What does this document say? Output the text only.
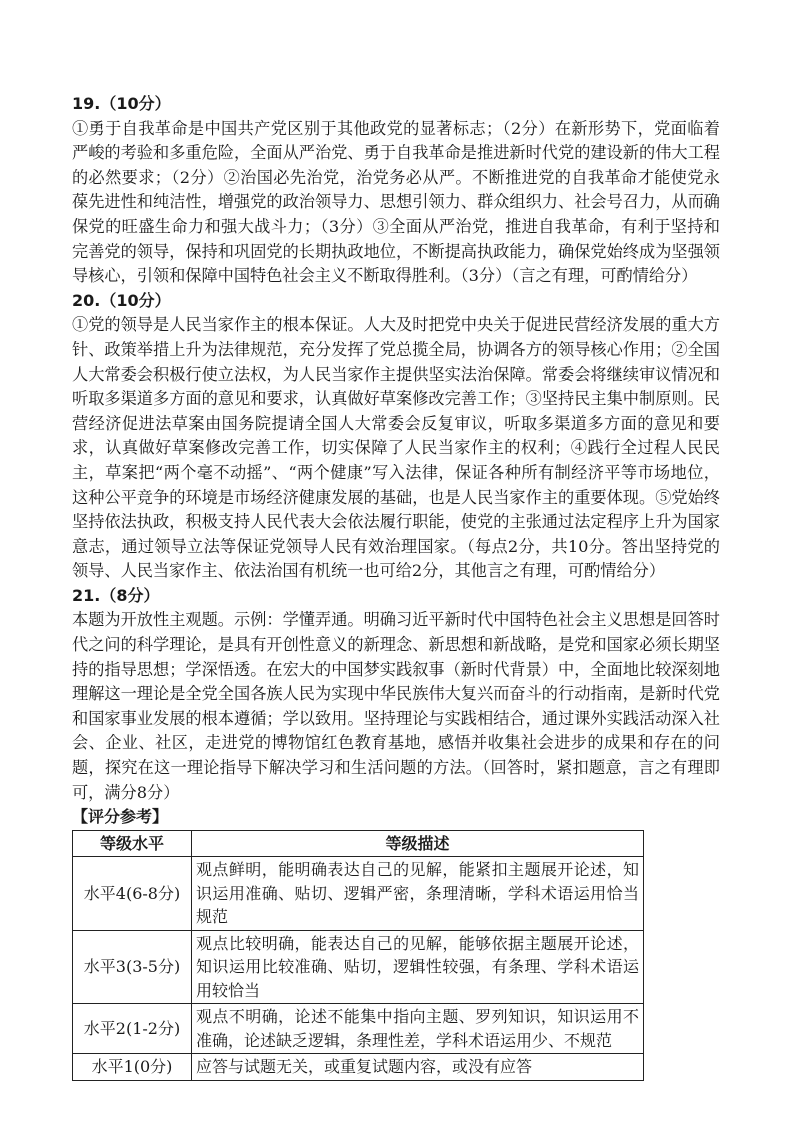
19.（10分）
①勇于自我革命是中国共产党区别于其他政党的显著标志；（2分）在新形势下，党面临着严峻的考验和多重危险，全面从严治党、勇于自我革命是推进新时代党的建设新的伟大工程的必然要求；（2分）②治国必先治党，治党务必从严。不断推进党的自我革命才能使党永葆先进性和纯洁性，增强党的政治领导力、思想引领力、群众组织力、社会号召力，从而确保党的旺盛生命力和强大战斗力；（3分）③全面从严治党，推进自我革命，有利于坚持和完善党的领导，保持和巩固党的长期执政地位，不断提高执政能力，确保党始终成为坚强领导核心，引领和保障中国特色社会主义不断取得胜利。（3分）（言之有理，可酌情给分）
20.（10分）
①党的领导是人民当家作主的根本保证。人大及时把党中央关于促进民营经济发展的重大方针、政策举措上升为法律规范，充分发挥了党总揽全局，协调各方的领导核心作用；②全国人大常委会积极行使立法权，为人民当家作主提供坚实法治保障。常委会将继续审议情况和听取多渠道多方面的意见和要求，认真做好草案修改完善工作；③坚持民主集中制原则。民营经济促进法草案由国务院提请全国人大常委会反复审议，听取多渠道多方面的意见和要求，认真做好草案修改完善工作，切实保障了人民当家作主的权利；④践行全过程人民民主，草案把“两个毫不动摇”、“两个健康”写入法律，保证各种所有制经济平等市场地位，这种公平竞争的环境是市场经济健康发展的基础，也是人民当家作主的重要体现。⑤党始终坚持依法执政，积极支持人民代表大会依法履行职能，使党的主张通过法定程序上升为国家意志，通过领导立法等保证党领导人民有效治理国家。（每点2分，共10分。答出坚持党的领导、人民当家作主、依法治国有机统一也可给2分，其他言之有理，可酌情给分）
21.（8分）
本题为开放性主观题。示例：学懂弄通。明确习近平新时代中国特色社会主义思想是回答时代之问的科学理论，是具有开创性意义的新理念、新思想和新战略，是党和国家必须长期坚持的指导思想；学深悟透。在宏大的中国梦实践叙事（新时代背景）中，全面地比较深刻地理解这一理论是全党全国各族人民为实现中华民族伟大复兴而奋斗的行动指南，是新时代党和国家事业发展的根本遵循；学以致用。坚持理论与实践相结合，通过课外实践活动深入社会、企业、社区，走进党的博物馆红色教育基地，感悟并收集社会进步的成果和存在的问题，探究在这一理论指导下解决学习和生活问题的方法。（回答时，紧扣题意，言之有理即可，满分8分）
【评分参考】
等级水平	等级描述
水平4(6-8分)	观点鲜明，能明确表达自己的见解，能紧扣主题展开论述，知识运用准确、贴切、逻辑严密，条理清晰，学科术语运用恰当规范
水平3(3-5分)	观点比较明确，能表达自己的见解，能够依据主题展开论述，知识运用比较准确、贴切，逻辑性较强，有条理、学科术语运用较恰当
水平2(1-2分)	观点不明确，论述不能集中指向主题、罗列知识，知识运用不准确，论述缺乏逻辑，条理性差，学科术语运用少、不规范
水平1(0分)	应答与试题无关，或重复试题内容，或没有应答
